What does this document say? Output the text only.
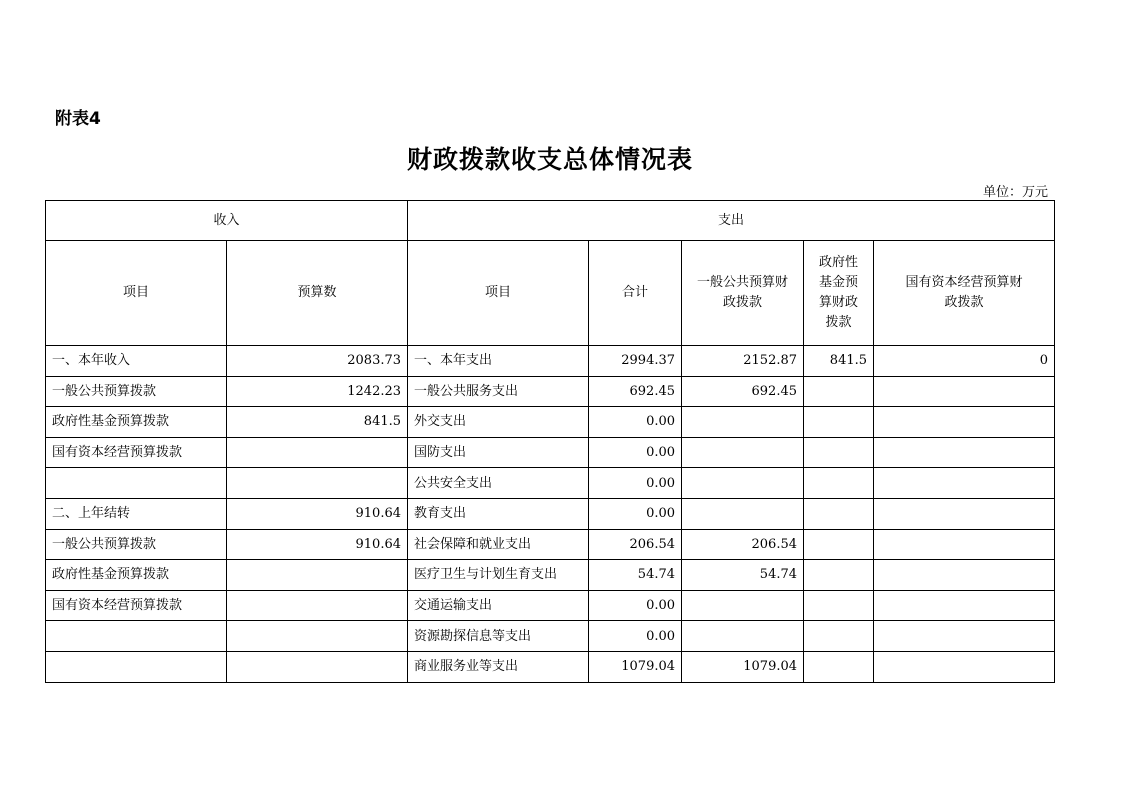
附表4
财政拨款收支总体情况表
单位：万元
收入		支出				
项目	预算数	项目	合计	一般公共预算财政拨款	政府性基金预算财政拨款	国有资本经营预算财政拨款
一、本年收入	2083.73	一、本年支出	2994.37	2152.87	841.5	0
一般公共预算拨款	1242.23	一般公共服务支出	692.45	692.45		
政府性基金预算拨款	841.5	外交支出	0.00			
国有资本经营预算拨款		国防支出	0.00			
		公共安全支出	0.00			
二、上年结转	910.64	教育支出	0.00			
一般公共预算拨款	910.64	社会保障和就业支出	206.54	206.54		
政府性基金预算拨款		医疗卫生与计划生育支出	54.74	54.74		
国有资本经营预算拨款		交通运输支出	0.00			
		资源勘探信息等支出	0.00			
		商业服务业等支出	1079.04	1079.04		
